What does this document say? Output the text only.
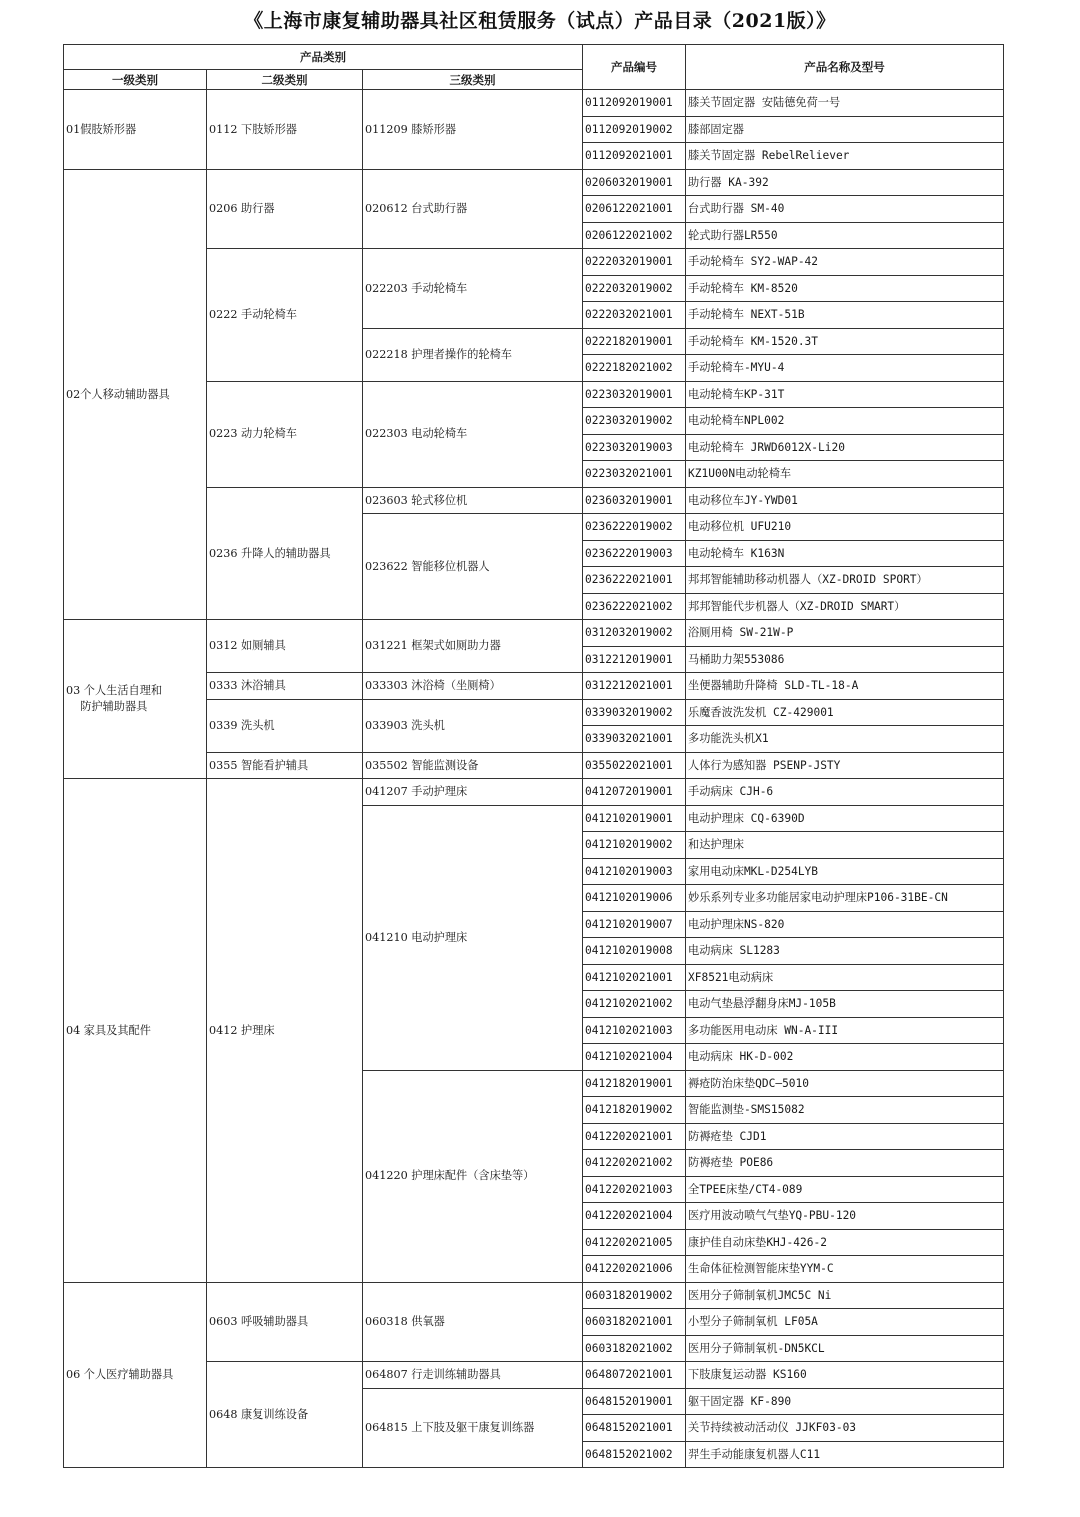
《上海市康复辅助器具社区租赁服务（试点）产品目录（2021版）》
产品类别			产品编号	产品名称及型号
一级类别	二级类别	三级类别		
01假肢矫形器	0112 下肢矫形器	011209 膝矫形器	0112092019001	膝关节固定器 安陆德免荷一号
			0112092019002	膝部固定器
			0112092021001	膝关节固定器 RebelReliever
02个人移动辅助器具	0206 助行器	020612 台式助行器	0206032019001	助行器 KA-392
			0206122021001	台式助行器 SM-40
			0206122021002	轮式助行器LR550
	0222 手动轮椅车	022203 手动轮椅车	0222032019001	手动轮椅车 SY2-WAP-42
			0222032019002	手动轮椅车 KM-8520
			0222032021001	手动轮椅车 NEXT-51B
		022218 护理者操作的轮椅车	0222182019001	手动轮椅车 KM-1520.3T
			0222182021002	手动轮椅车-MYU-4
	0223 动力轮椅车	022303 电动轮椅车	0223032019001	电动轮椅车KP-31T
			0223032019002	电动轮椅车NPL002
			0223032019003	电动轮椅车 JRWD6012X-Li20
			0223032021001	KZ1U00N电动轮椅车
	0236 升降人的辅助器具	023603 轮式移位机	0236032019001	电动移位车JY-YWD01
		023622 智能移位机器人	0236222019002	电动移位机 UFU210
			0236222019003	电动轮椅车 K163N
			0236222021001	邦邦智能辅助移动机器人（XZ-DROID SPORT）
			0236222021002	邦邦智能代步机器人（XZ-DROID SMART）
03 个人生活自理和
防护辅助器具	0312 如厕辅具	031221 框架式如厕助力器	0312032019002	浴厕用椅 SW-21W-P
			0312212019001	马桶助力架553086
	0333 沐浴辅具	033303 沐浴椅（坐厕椅）	0312212021001	坐便器辅助升降椅 SLD-TL-18-A
	0339 洗头机	033903 洗头机	0339032019002	乐魔香波洗发机 CZ-429001
			0339032021001	多功能洗头机X1
	0355 智能看护辅具	035502 智能监测设备	0355022021001	人体行为感知器 PSENP-JSTY
04 家具及其配件	0412 护理床	041207 手动护理床	0412072019001	手动病床 CJH-6
		041210 电动护理床	0412102019001	电动护理床 CQ-6390D
			0412102019002	和达护理床
			0412102019003	家用电动床MKL-D254LYB
			0412102019006	妙乐系列专业多功能居家电动护理床P106-31BE-CN
			0412102019007	电动护理床NS-820
			0412102019008	电动病床 SL1283
			0412102021001	XF8521电动病床
			0412102021002	电动气垫悬浮翻身床MJ-105B
			0412102021003	多功能医用电动床 WN-A-III
			0412102021004	电动病床 HK-D-002
		041220 护理床配件（含床垫等）	0412182019001	褥疮防治床垫QDC—5010
			0412182019002	智能监测垫-SMS15082
			0412202021001	防褥疮垫 CJD1
			0412202021002	防褥疮垫 POE86
			0412202021003	全TPEE床垫/CT4-089
			0412202021004	医疗用波动喷气气垫YQ-PBU-120
			0412202021005	康护佳自动床垫KHJ-426-2
			0412202021006	生命体征检测智能床垫YYM-C
06 个人医疗辅助器具	0603 呼吸辅助器具	060318 供氧器	0603182019002	医用分子筛制氧机JMC5C Ni
			0603182021001	小型分子筛制氧机 LF05A
			0603182021002	医用分子筛制氧机-DN5KCL
	0648 康复训练设备	064807 行走训练辅助器具	0648072021001	下肢康复运动器 KS160
		064815 上下肢及躯干康复训练器	0648152019001	躯干固定器 KF-890
			0648152021001	关节持续被动活动仪 JJKF03-03
			0648152021002	羿生手动能康复机器人C11
